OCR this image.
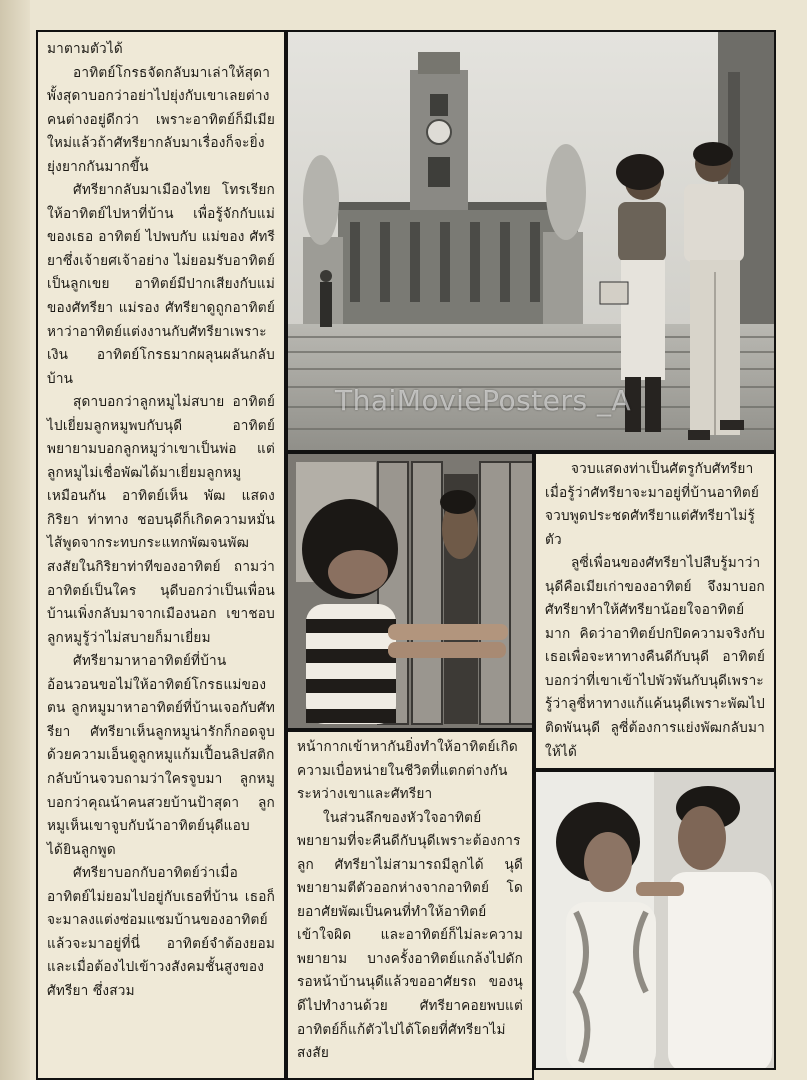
มาตามตัวได้

อาทิตย์โกรธจัดกลับมาเล่าให้สุดาพั้งสุดาบอกว่าอย่าไปยุ่งกับเขาเลยต่างคนต่างอยู่ดีกว่า เพราะอาทิตย์ก็มีเมียใหม่แล้วถ้าศัทรียากลับมาเรื่องก็จะยิ่งยุ่งยากกันมากขึ้น

ศัทรียากลับมาเมืองไทย โทรเรียกให้อาทิตย์ไปหาที่บ้าน เพื่อรู้จักกับแม่ของเธอ อาทิตย์ ไปพบกับ แม่ของ ศัทรียาซึ่งเจ้ายศเจ้าอย่าง ไม่ยอมรับอาทิตย์เป็นลูกเขย อาทิตย์มีปากเสียงกับแม่ของศัทรียา แม่รอง ศัทรียาดูถูกอาทิตย์หาว่าอาทิตย์แต่งงานกับศัทรียาเพราะเงิน อาทิตย์โกรธมากผลุนผลันกลับบ้าน

สุดาบอกว่าลูกหมูไม่สบาย อาทิตย์ไปเยี่ยมลูกหมูพบกับนุดี อาทิตย์พยายามบอกลูกหมูว่าเขาเป็นพ่อ แต่ลูกหมูไม่เชื่อพัฒได้มาเยี่ยมลูกหมูเหมือนกัน อาทิตย์เห็น พัฒ แสดง กิริยา ท่าทาง ชอบนุดีก็เกิดความหมั่นไส้พูดจากระทบกระแทกพัฒจนพัฒสงสัยในกิริยาท่าทีของอาทิตย์ ถามว่าอาทิตย์เป็นใคร นุดีบอกว่าเป็นเพื่อนบ้านเพิ่งกลับมาจากเมืองนอก เขาชอบลูกหมูรู้ว่าไม่สบายก็มาเยี่ยม

ศัทรียามาหาอาทิตย์ที่บ้านอ้อนวอนขอไม่ให้อาทิตย์โกรธแม่ของตน ลูกหมูมาหาอาทิตย์ที่บ้านเจอกับศัทรียา ศัทรียาเห็นลูกหมูน่ารักก็กอดจูบด้วยความเอ็นดูลูกหมูแก้มเปื้อนลิปสติกกลับบ้านจวบถามว่าใครจูบมา ลูกหมูบอกว่าคุณน้าคนสวยบ้านป้าสุดา ลูกหมูเห็นเขาจูบกับน้าอาทิตย์นุดีแอบได้ยินลูกพูด

ศัทรียาบอกกับอาทิตย์ว่าเมื่ออาทิตย์ไม่ยอมไปอยู่กับเธอที่บ้าน เธอก็จะมาลงแต่งซ่อมแซมบ้านของอาทิตย์แล้วจะมาอยู่ที่นี่ อาทิตย์จำต้องยอมและเมื่อต้องไปเข้าวงสังคมชั้นสูงของศัทรียา ซึ่งสวม

ThaiMoviePosters _A

จวบแสดงท่าเป็นศัตรูกับศัทรียา เมื่อรู้ว่าศัทรียาจะมาอยู่ที่บ้านอาทิตย์ จวบพูดประชดศัทรียาแต่ศัทรียาไม่รู้ตัว

ลูซี่เพื่อนของศัทรียาไปสืบรู้มาว่านุดีคือเมียเก่าของอาทิตย์ จึงมาบอกศัทรียาทำให้ศัทรียาน้อยใจอาทิตย์มาก คิดว่าอาทิตย์ปกปิดความจริงกับเธอเพื่อจะหาทางคืนดีกับนุดี อาทิตย์บอกว่าที่เขาเข้าไปพัวพันกับนุดีเพราะรู้ว่าลูซี่หาทางแก้แค้นนุดีเพราะพัฒไปติดพันนุดี ลูซี่ต้องการแย่งพัฒกลับมาให้ได้

หน้ากากเข้าหากันยิ่งทำให้อาทิตย์เกิดความเบื่อหน่ายในชีวิตที่แตกต่างกันระหว่างเขาและศัทรียา

ในส่วนลึกของหัวใจอาทิตย์พยายามที่จะคืนดีกับนุดีเพราะต้องการลูก ศัทรียาไม่สามารถมีลูกได้ นุดีพยายามตีตัวออกห่างจากอาทิตย์ โดยอาศัยพัฒเป็นคนที่ทำให้อาทิตย์เข้าใจผิด และอาทิตย์ก็ไม่ละความพยายาม บางครั้งอาทิตย์แกล้งไปดักรอหน้าบ้านนุดีแล้วขออาศัยรถ ของนุดีไปทำงานด้วย ศัทรียาคอยพบแต่อาทิตย์ก็แก้ตัวไปได้โดยที่ศัทรียาไม่สงสัย
